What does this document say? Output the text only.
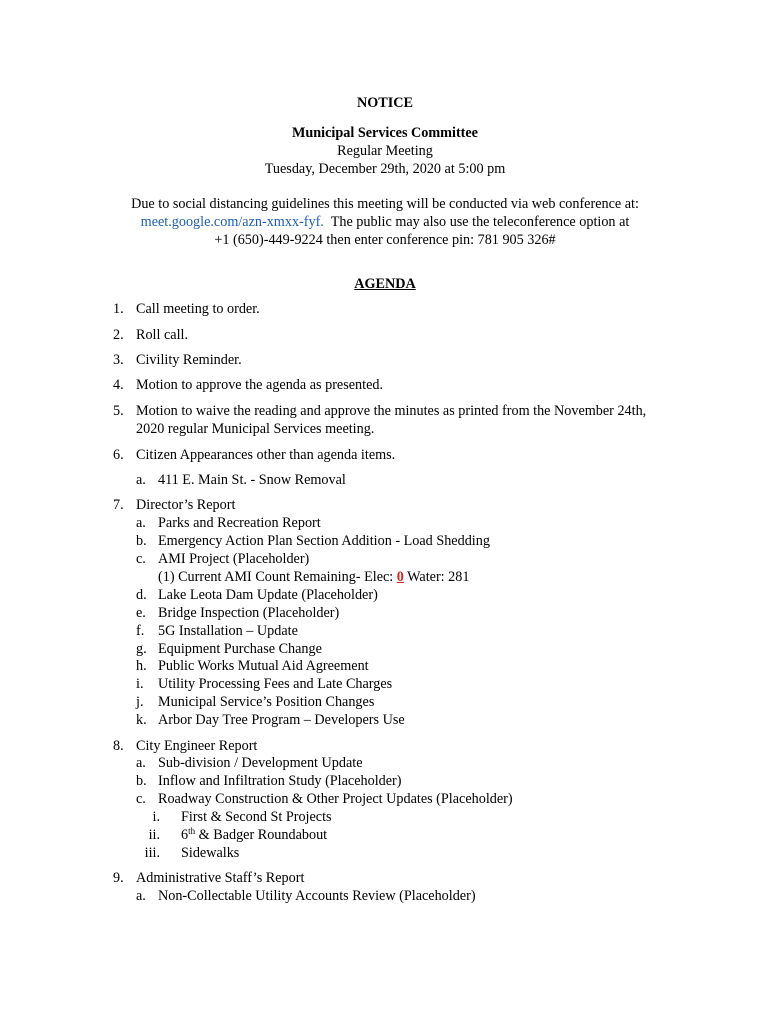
NOTICE
Municipal Services Committee
Regular Meeting
Tuesday, December 29th, 2020 at 5:00 pm
Due to social distancing guidelines this meeting will be conducted via web conference at:
meet.google.com/azn-xmxx-fyf. The public may also use the teleconference option at
+1 (650)-449-9224 then enter conference pin: 781 905 326#
AGENDA
1. Call meeting to order.
2. Roll call.
3. Civility Reminder.
4. Motion to approve the agenda as presented.
5. Motion to waive the reading and approve the minutes as printed from the November 24th,
2020 regular Municipal Services meeting.
6. Citizen Appearances other than agenda items.
a. 411 E. Main St. - Snow Removal
7. Director’s Report
a. Parks and Recreation Report
b. Emergency Action Plan Section Addition - Load Shedding
c. AMI Project (Placeholder)
(1) Current AMI Count Remaining- Elec: 0 Water: 281
d. Lake Leota Dam Update (Placeholder)
e. Bridge Inspection (Placeholder)
f. 5G Installation – Update
g. Equipment Purchase Change
h. Public Works Mutual Aid Agreement
i. Utility Processing Fees and Late Charges
j. Municipal Service’s Position Changes
k. Arbor Day Tree Program – Developers Use
8. City Engineer Report
a. Sub-division / Development Update
b. Inflow and Infiltration Study (Placeholder)
c. Roadway Construction & Other Project Updates (Placeholder)
i. First & Second St Projects
ii. 6th & Badger Roundabout
iii. Sidewalks
9. Administrative Staff’s Report
a. Non-Collectable Utility Accounts Review (Placeholder)
